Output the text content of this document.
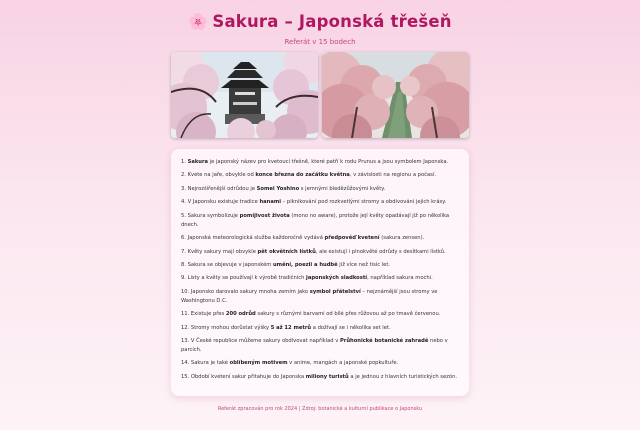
🌸 Sakura – Japonská třešeň
Referát v 15 bodech
1. Sakura je japonský název pro kvetoucí třešně, které patří k rodu Prunus a jsou symbolem Japonska.
2. Kvete na jaře, obvykle od konce března do začátku května, v závislosti na regionu a počasí.
3. Nejrozšířenější odrůdou je Somei Yoshino s jemnými bledězůžovými květy.
4. V Japonsku existuje tradice hanami – piknikování pod rozkvetlými stromy a obdivování jejich krásy.
5. Sakura symbolizuje pomíjivost života (mono no aware), protože její květy opadávají již po několika dnech.
6. Japonská meteorologická služba každoročně vydává předpověď kvetení (sakura zensen).
7. Květy sakury mají obvykle pět okvětních lístků, ale existují i plnokvěté odrůdy s desítkami lístků.
8. Sakura se objevuje v japonském umění, poezii a hudbě již více než tisíc let.
9. Listy a květy se používají k výrobě tradičních japonských sladkostí, například sakura mochi.
10. Japonsko darovalo sakury mnoha zemím jako symbol přátelství – nejznámější jsou stromy ve Washingtonu D.C.
11. Existuje přes 200 odrůd sakury s různými barvami od bílé přes růžovou až po tmavě červenou.
12. Stromy mohou dorůstat výšky 5 až 12 metrů a dožívají se i několika set let.
13. V České republice můžeme sakury obdivovat například v Průhonické botanické zahradě nebo v parcích.
14. Sakura je také oblíbeným motivem v anime, mangách a japonské popkultuře.
15. Období kvetení sakur přitahuje do Japonska miliony turistů a je jednou z hlavních turistických sezón.
Referát zpracován pro rok 2024 | Zdroj: botanické a kulturní publikace o Japonsku
